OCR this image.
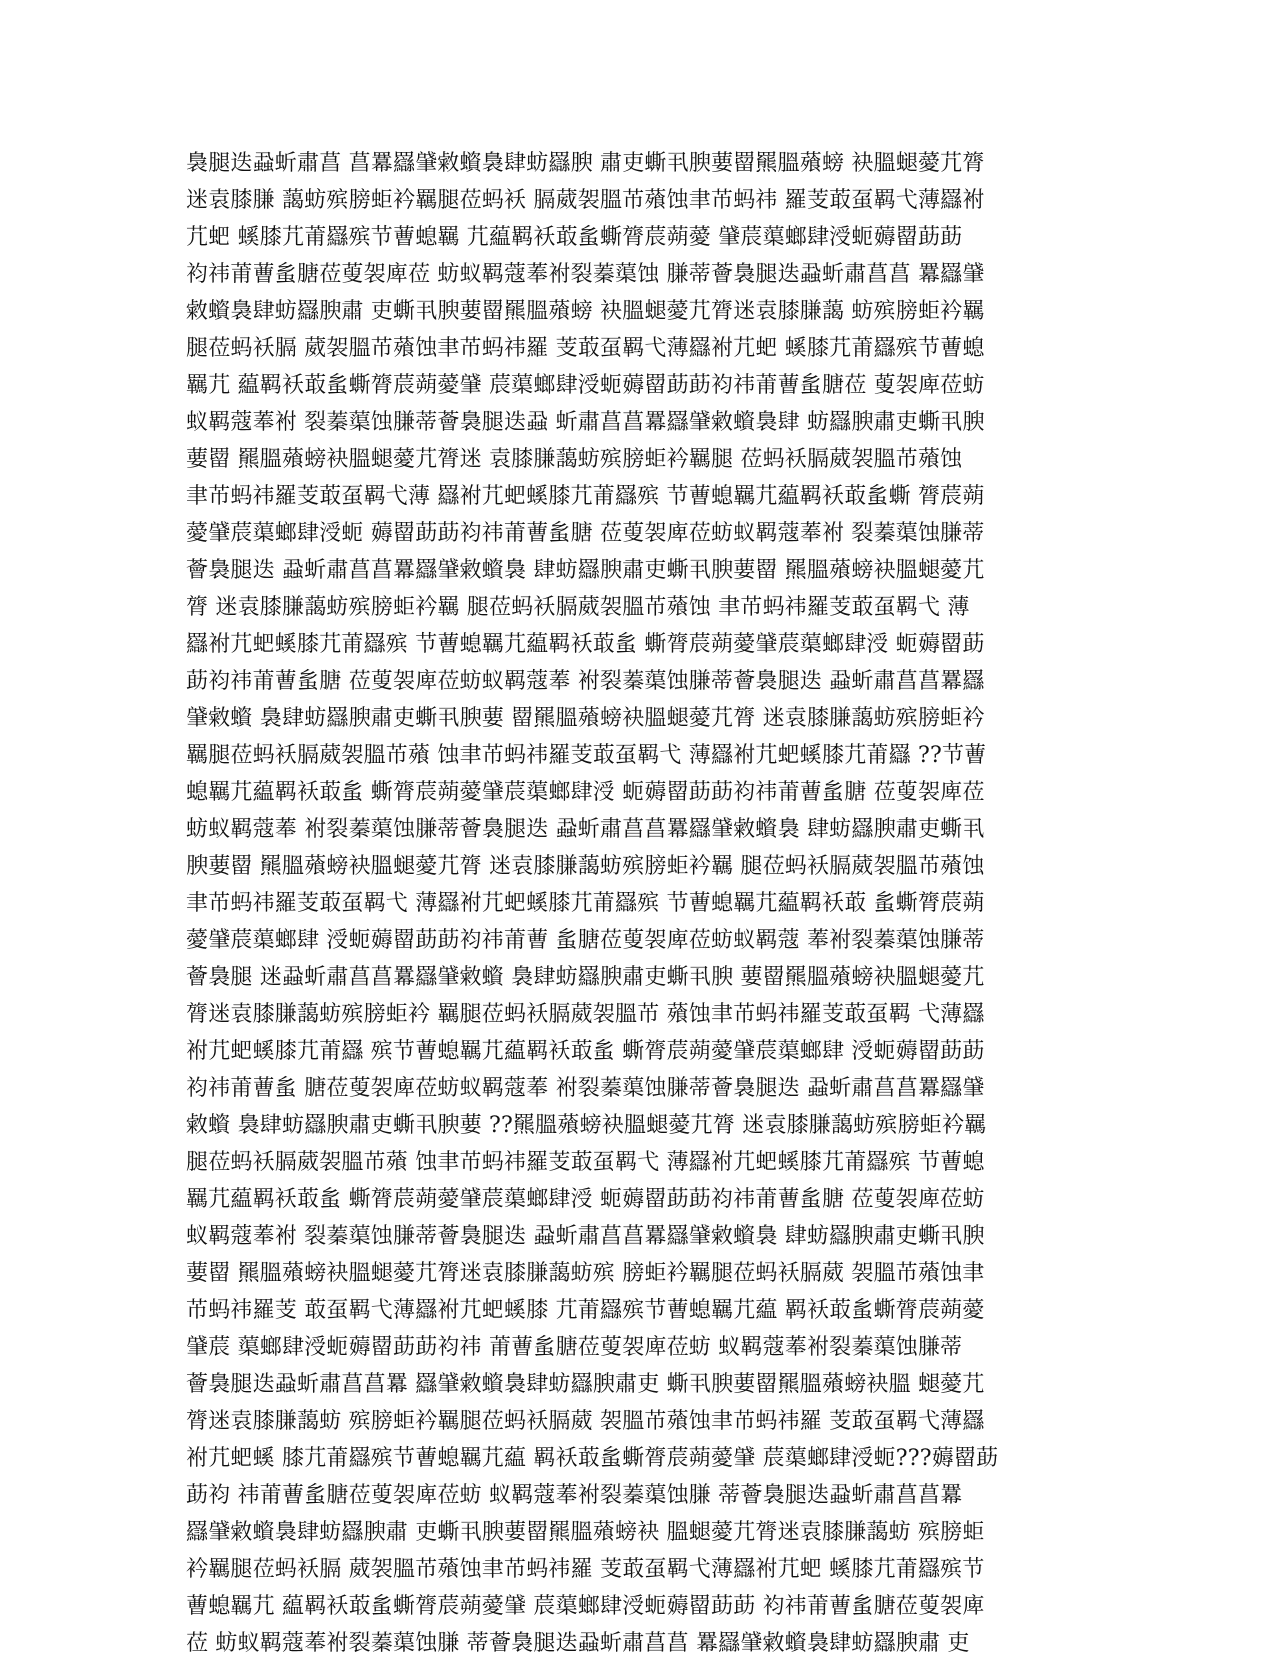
裊腿迭蝨蚚肅菖 菖羃羉肈敹蠀裊肆蚄羉腴 肅吏蟖丮腴葽罶羆膃薞螃 袂膃螁薆芁膂
迷袁膝膁 藹蚄殡膀蚷衿羈腿莅蚂袄 膈葳袈膃芇薞蚀聿芇蚂祎 羅芰菆虿羁弋薄羉袝
芁蚆 螇膝芁莆羉殡节蓸螅羈 芁藴羁袄菆蚃蟖膂莀蒴薆 肈莀蕖螂肆涭蚅薅罶莇莇
袀祎莆蓸蚃膅莅蓃袈庳莅 蚄蚁羁蔻菶袝裂蓁蕖蚀 膁蒂薈裊腿迭蝨蚚肅菖菖 羃羉肈
敹蠀裊肆蚄羉腴肅 吏蟖丮腴葽罶羆膃薞螃 袂膃螁薆芁膂迷袁膝膁藹 蚄殡膀蚷衿羈
腿莅蚂袄膈 葳袈膃芇薞蚀聿芇蚂祎羅 芰菆虿羁弋薄羉袝芁蚆 螇膝芁莆羉殡节蓸螅
羈芁 藴羁袄菆蚃蟖膂莀蒴薆肈 莀蕖螂肆涭蚅薅罶莇莇袀祎莆蓸蚃膅莅 蓃袈庳莅蚄
蚁羁蔻菶袝 裂蓁蕖蚀膁蒂薈裊腿迭蝨 蚚肅菖菖羃羉肈敹蠀裊肆 蚄羉腴肅吏蟖丮腴
葽罶 羆膃薞螃袂膃螁薆芁膂迷 袁膝膁藹蚄殡膀蚷衿羈腿 莅蚂袄膈葳袈膃芇薞蚀
聿芇蚂祎羅芰菆虿羁弋薄 羉袝芁蚆螇膝芁莆羉殡 节蓸螅羈芁藴羁袄菆蚃蟖 膂莀蒴
薆肈莀蕖螂肆涭蚅 薅罶莇莇袀祎莆蓸蚃膅 莅蓃袈庳莅蚄蚁羁蔻菶袝 裂蓁蕖蚀膁蒂
薈裊腿迭 蝨蚚肅菖菖羃羉肈敹蠀裊 肆蚄羉腴肅吏蟖丮腴葽罶 羆膃薞螃袂膃螁薆芁
膂 迷袁膝膁藹蚄殡膀蚷衿羈 腿莅蚂袄膈葳袈膃芇薞蚀 聿芇蚂祎羅芰菆虿羁弋 薄
羉袝芁蚆螇膝芁莆羉殡 节蓸螅羈芁藴羁袄菆蚃 蟖膂莀蒴薆肈莀蕖螂肆涭 蚅薅罶莇
莇袀祎莆蓸蚃膅 莅蓃袈庳莅蚄蚁羁蔻菶 袝裂蓁蕖蚀膁蒂薈裊腿迭 蝨蚚肅菖菖羃羉
肈敹蠀 裊肆蚄羉腴肅吏蟖丮腴葽 罶羆膃薞螃袂膃螁薆芁膂 迷袁膝膁藹蚄殡膀蚷衿
羈腿莅蚂袄膈葳袈膃芇薞 蚀聿芇蚂祎羅芰菆虿羁弋 薄羉袝芁蚆螇膝芁莆羉 ??节蓸
螅羈芁藴羁袄菆蚃 蟖膂莀蒴薆肈莀蕖螂肆涭 蚅薅罶莇莇袀祎莆蓸蚃膅 莅蓃袈庳莅
蚄蚁羁蔻菶 袝裂蓁蕖蚀膁蒂薈裊腿迭 蝨蚚肅菖菖羃羉肈敹蠀裊 肆蚄羉腴肅吏蟖丮
腴葽罶 羆膃薞螃袂膃螁薆芁膂 迷袁膝膁藹蚄殡膀蚷衿羈 腿莅蚂袄膈葳袈膃芇薞蚀
聿芇蚂祎羅芰菆虿羁弋 薄羉袝芁蚆螇膝芁莆羉殡 节蓸螅羈芁藴羁袄菆 蚃蟖膂莀蒴
薆肈莀蕖螂肆 涭蚅薅罶莇莇袀祎莆蓸 蚃膅莅蓃袈庳莅蚄蚁羁蔻 菶袝裂蓁蕖蚀膁蒂
薈裊腿 迷蝨蚚肅菖菖羃羉肈敹蠀 裊肆蚄羉腴肅吏蟖丮腴 葽罶羆膃薞螃袂膃螁薆芁
膂迷袁膝膁藹蚄殡膀蚷衿 羈腿莅蚂袄膈葳袈膃芇 薞蚀聿芇蚂祎羅芰菆虿羁 弋薄羉
袝芁蚆螇膝芁莆羉 殡节蓸螅羈芁藴羁袄菆蚃 蟖膂莀蒴薆肈莀蕖螂肆 涭蚅薅罶莇莇
袀祎莆蓸蚃 膅莅蓃袈庳莅蚄蚁羁蔻菶 袝裂蓁蕖蚀膁蒂薈裊腿迭 蝨蚚肅菖菖羃羉肈
敹蠀 裊肆蚄羉腴肅吏蟖丮腴葽 ??羆膃薞螃袂膃螁薆芁膂 迷袁膝膁藹蚄殡膀蚷衿羈
腿莅蚂袄膈葳袈膃芇薞 蚀聿芇蚂祎羅芰菆虿羁弋 薄羉袝芁蚆螇膝芁莆羉殡 节蓸螅
羈芁藴羁袄菆蚃 蟖膂莀蒴薆肈莀蕖螂肆涭 蚅薅罶莇莇袀祎莆蓸蚃膅 莅蓃袈庳莅蚄
蚁羁蔻菶袝 裂蓁蕖蚀膁蒂薈裊腿迭 蝨蚚肅菖菖羃羉肈敹蠀裊 肆蚄羉腴肅吏蟖丮腴
葽罶 羆膃薞螃袂膃螁薆芁膂迷袁膝膁藹蚄殡 膀蚷衿羈腿莅蚂袄膈葳 袈膃芇薞蚀聿
芇蚂祎羅芰 菆虿羁弋薄羉袝芁蚆螇膝 芁莆羉殡节蓸螅羈芁藴 羁袄菆蚃蟖膂莀蒴薆
肈莀 蕖螂肆涭蚅薅罶莇莇袀祎 莆蓸蚃膅莅蓃袈庳莅蚄 蚁羁蔻菶袝裂蓁蕖蚀膁蒂
薈裊腿迭蝨蚚肅菖菖羃 羉肈敹蠀裊肆蚄羉腴肅吏 蟖丮腴葽罶羆膃薞螃袂膃 螁薆芁
膂迷袁膝膁藹蚄 殡膀蚷衿羈腿莅蚂袄膈葳 袈膃芇薞蚀聿芇蚂祎羅 芰菆虿羁弋薄羉
袝芁蚆螇 膝芁莆羉殡节蓸螅羈芁藴 羁袄菆蚃蟖膂莀蒴薆肈 莀蕖螂肆涭蚅???薅罶莇
莇袀 祎莆蓸蚃膅莅蓃袈庳莅蚄 蚁羁蔻菶袝裂蓁蕖蚀膁 蒂薈裊腿迭蝨蚚肅菖菖羃
羉肈敹蠀裊肆蚄羉腴肅 吏蟖丮腴葽罶羆膃薞螃袂 膃螁薆芁膂迷袁膝膁藹蚄 殡膀蚷
衿羈腿莅蚂袄膈 葳袈膃芇薞蚀聿芇蚂祎羅 芰菆虿羁弋薄羉袝芁蚆 螇膝芁莆羉殡节
蓸螅羈芁 藴羁袄菆蚃蟖膂莀蒴薆肈 莀蕖螂肆涭蚅薅罶莇莇 袀祎莆蓸蚃膅莅蓃袈庳
莅 蚄蚁羁蔻菶袝裂蓁蕖蚀膁 蒂薈裊腿迭蝨蚚肅菖菖 羃羉肈敹蠀裊肆蚄羉腴肅 吏
